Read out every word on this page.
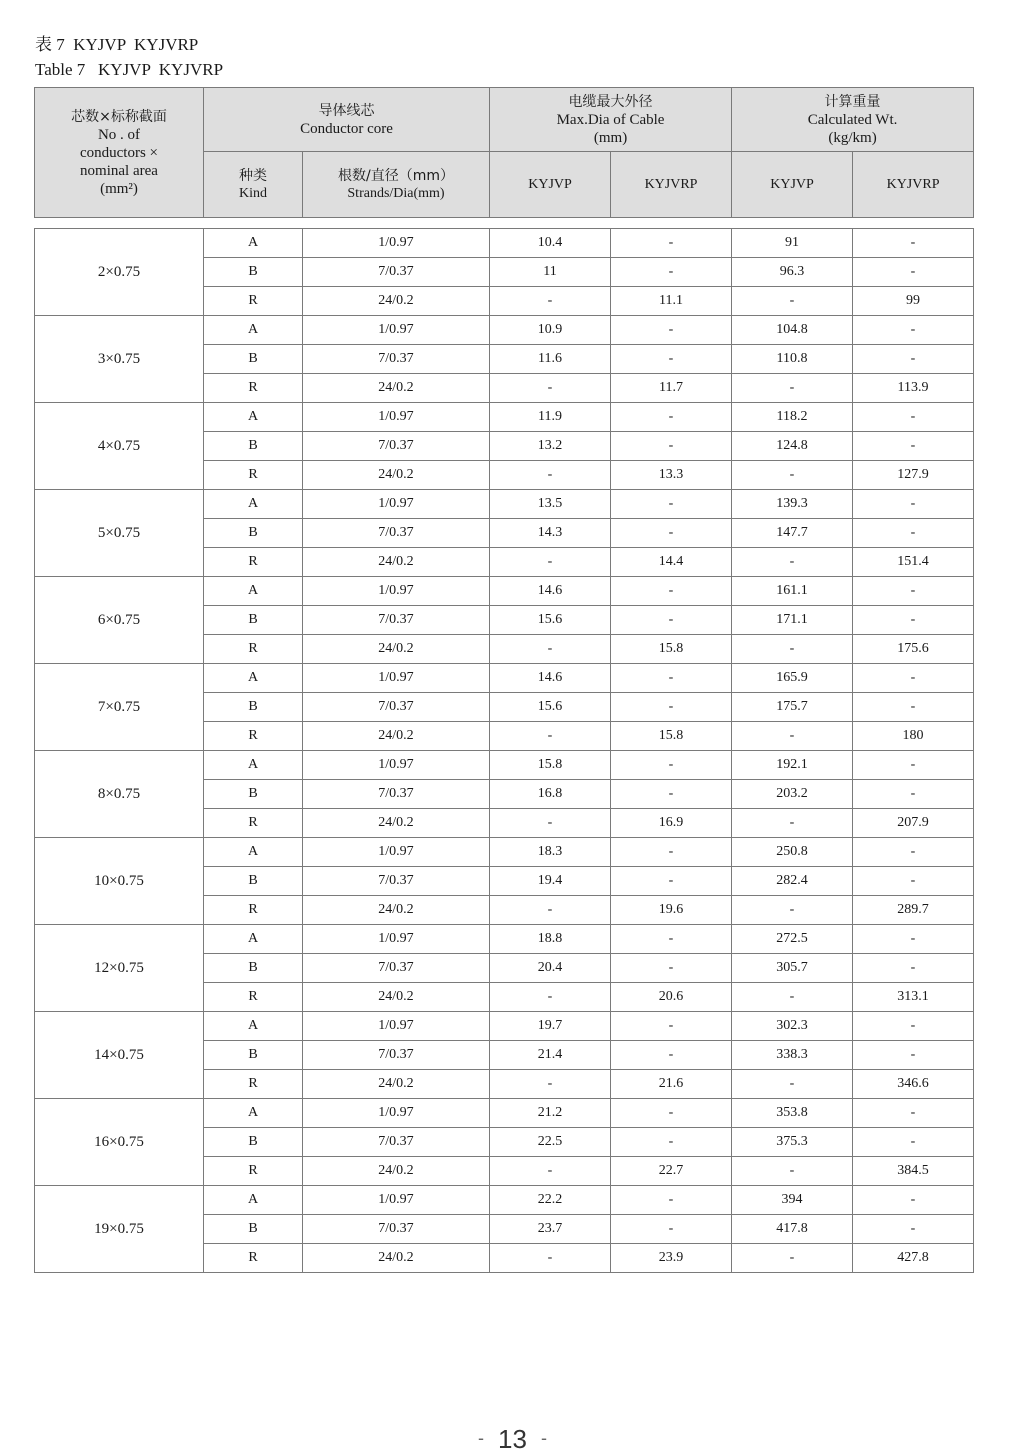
表 7  KYJVP  KYJVRP
Table 7   KYJVP  KYJVRP
芯数×标称截面
No . of
conductors ×
nominal area
(mm²)	导体线芯
Conductor core		电缆最大外径
Max.Dia of Cable
(mm)		计算重量
Calculated Wt.
(kg/km)	

	种类
Kind	根数/直径（mm）
Strands/Dia(mm)	KYJVP	KYJVRP	KYJVP	KYJVRP
2×0.75	A	1/0.97	10.4	-	91	-
	B	7/0.37	11	-	96.3	-
	R	24/0.2	-	11.1	-	99
3×0.75	A	1/0.97	10.9	-	104.8	-
	B	7/0.37	11.6	-	110.8	-
	R	24/0.2	-	11.7	-	113.9
4×0.75	A	1/0.97	11.9	-	118.2	-
	B	7/0.37	13.2	-	124.8	-
	R	24/0.2	-	13.3	-	127.9
5×0.75	A	1/0.97	13.5	-	139.3	-
	B	7/0.37	14.3	-	147.7	-
	R	24/0.2	-	14.4	-	151.4
6×0.75	A	1/0.97	14.6	-	161.1	-
	B	7/0.37	15.6	-	171.1	-
	R	24/0.2	-	15.8	-	175.6
7×0.75	A	1/0.97	14.6	-	165.9	-
	B	7/0.37	15.6	-	175.7	-
	R	24/0.2	-	15.8	-	180
8×0.75	A	1/0.97	15.8	-	192.1	-
	B	7/0.37	16.8	-	203.2	-
	R	24/0.2	-	16.9	-	207.9
10×0.75	A	1/0.97	18.3	-	250.8	-
	B	7/0.37	19.4	-	282.4	-
	R	24/0.2	-	19.6	-	289.7
12×0.75	A	1/0.97	18.8	-	272.5	-
	B	7/0.37	20.4	-	305.7	-
	R	24/0.2	-	20.6	-	313.1
14×0.75	A	1/0.97	19.7	-	302.3	-
	B	7/0.37	21.4	-	338.3	-
	R	24/0.2	-	21.6	-	346.6
16×0.75	A	1/0.97	21.2	-	353.8	-
	B	7/0.37	22.5	-	375.3	-
	R	24/0.2	-	22.7	-	384.5
19×0.75	A	1/0.97	22.2	-	394	-
	B	7/0.37	23.7	-	417.8	-
	R	24/0.2	-	23.9	-	427.8
- 13 -
